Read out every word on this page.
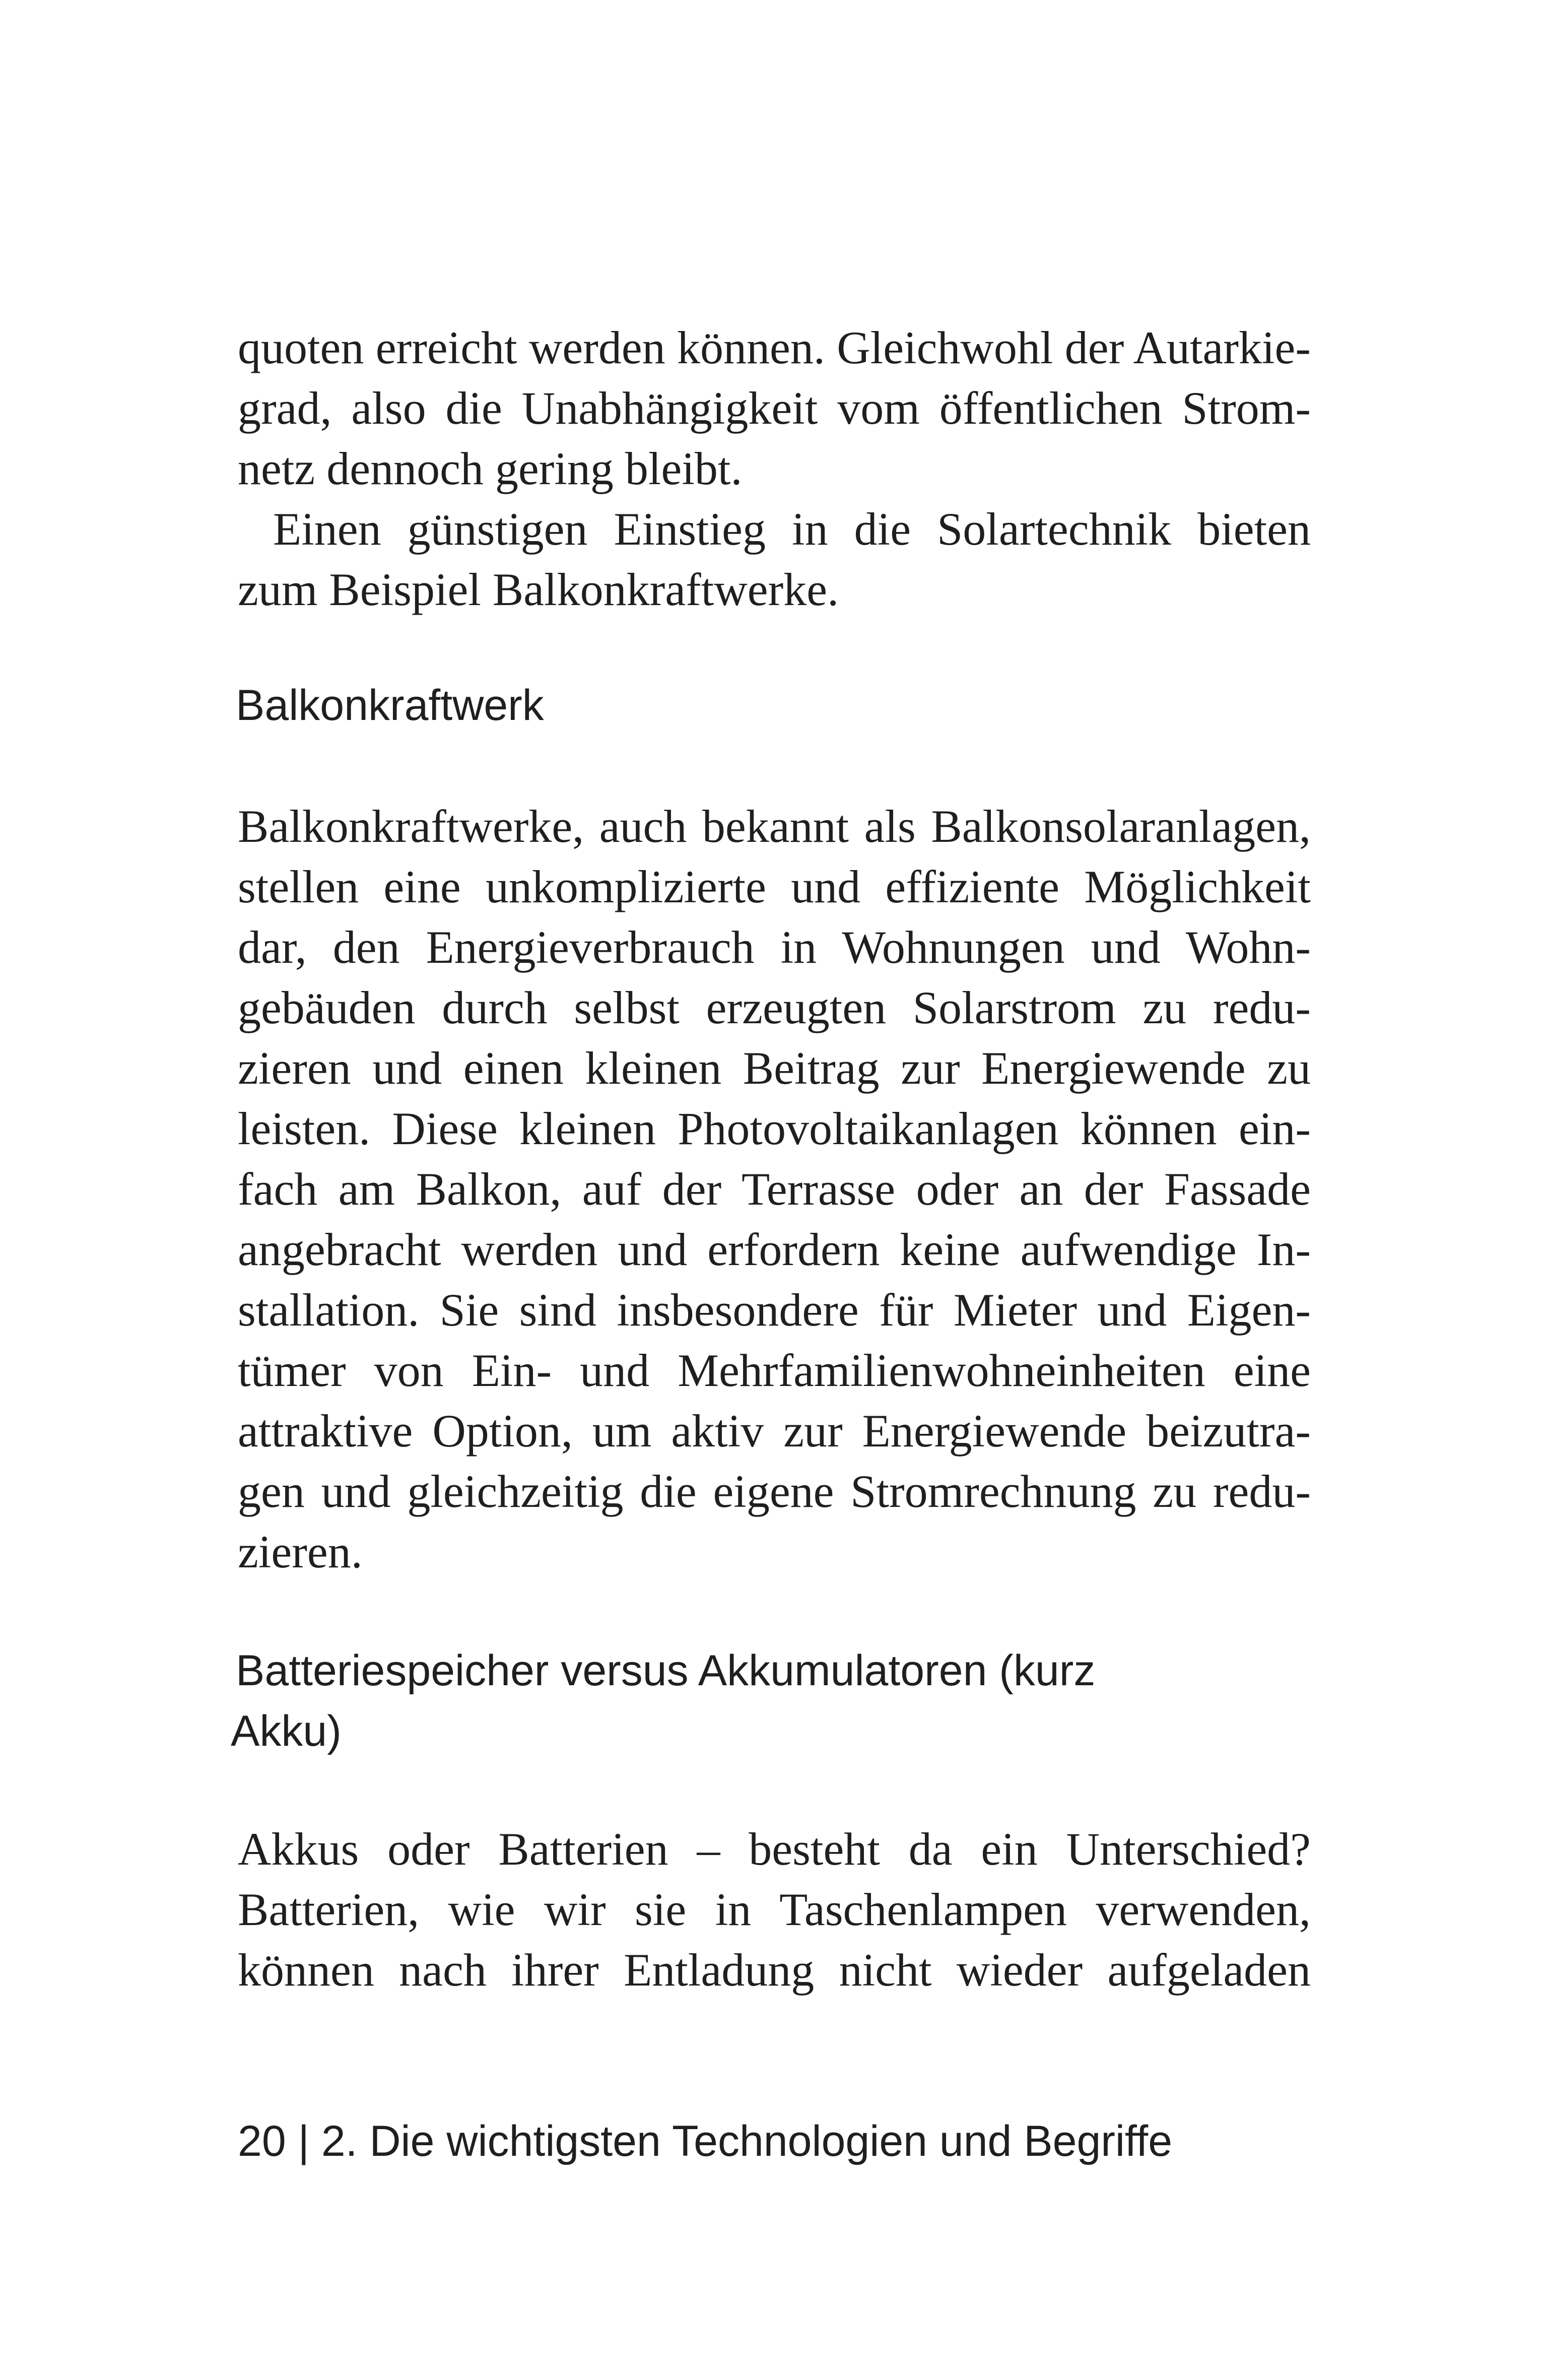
quoten erreicht werden können. Gleichwohl der Autarkie-
grad, also die Unabhängigkeit vom öffentlichen Strom-
netz dennoch gering bleibt.
Einen günstigen Einstieg in die Solartechnik bieten
zum Beispiel Balkonkraftwerke.
Balkonkraftwerk
Balkonkraftwerke, auch bekannt als Balkonsolaranlagen,
stellen eine unkomplizierte und effiziente Möglichkeit
dar, den Energieverbrauch in Wohnungen und Wohn-
gebäuden durch selbst erzeugten Solarstrom zu redu-
zieren und einen kleinen Beitrag zur Energiewende zu
leisten. Diese kleinen Photovoltaikanlagen können ein-
fach am Balkon, auf der Terrasse oder an der Fassade
angebracht werden und erfordern keine aufwendige In-
stallation. Sie sind insbesondere für Mieter und Eigen-
tümer von Ein- und Mehrfamilienwohneinheiten eine
attraktive Option, um aktiv zur Energiewende beizutra-
gen und gleichzeitig die eigene Stromrechnung zu redu-
zieren.
Batteriespeicher versus Akkumulatoren (kurz
Akku)
Akkus oder Batterien – besteht da ein Unterschied?
Batterien, wie wir sie in Taschenlampen verwenden,
können nach ihrer Entladung nicht wieder aufgeladen
20 | 2. Die wichtigsten Technologien und Begriffe
